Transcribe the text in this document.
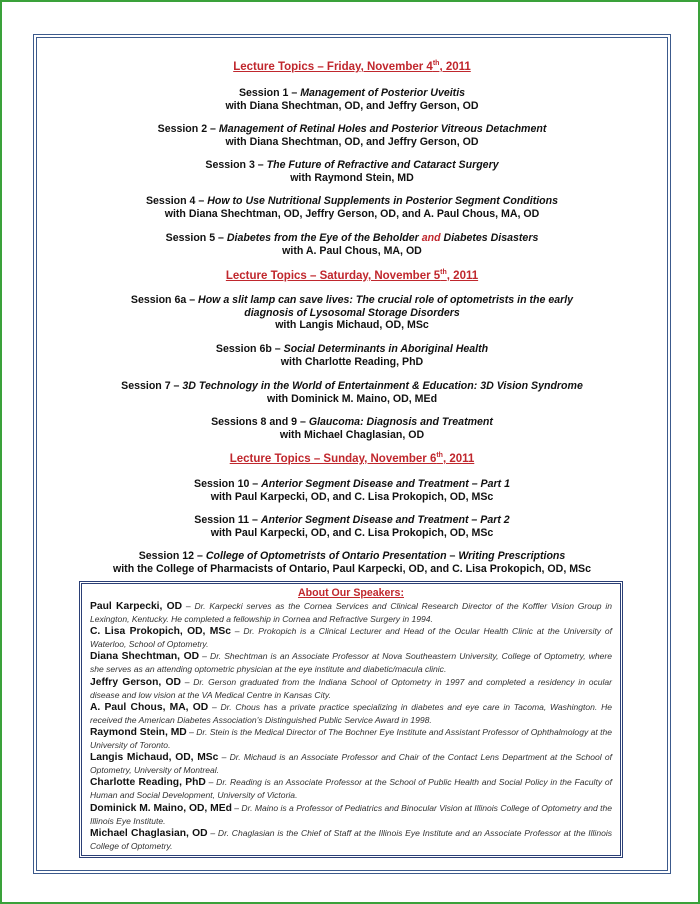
Lecture Topics – Friday, November 4th, 2011
Session 1 – Management of Posterior Uveitis
with Diana Shechtman, OD, and Jeffry Gerson, OD
Session 2 – Management of Retinal Holes and Posterior Vitreous Detachment
with Diana Shechtman, OD, and Jeffry Gerson, OD
Session 3 – The Future of Refractive and Cataract Surgery
with Raymond Stein, MD
Session 4 – How to Use Nutritional Supplements in Posterior Segment Conditions
with Diana Shechtman, OD, Jeffry Gerson, OD, and A. Paul Chous, MA, OD
Session 5 – Diabetes from the Eye of the Beholder and Diabetes Disasters
with A. Paul Chous, MA, OD
Lecture Topics – Saturday, November 5th, 2011
Session 6a – How a slit lamp can save lives: The crucial role of optometrists in the early
diagnosis of Lysosomal Storage Disorders
with Langis Michaud, OD, MSc
Session 6b – Social Determinants in Aboriginal Health
with Charlotte Reading, PhD
Session 7 – 3D Technology in the World of Entertainment & Education: 3D Vision Syndrome
with Dominick M. Maino, OD, MEd
Sessions 8 and 9 – Glaucoma: Diagnosis and Treatment
with Michael Chaglasian, OD
Lecture Topics – Sunday, November 6th, 2011
Session 10 – Anterior Segment Disease and Treatment – Part 1
with Paul Karpecki, OD, and C. Lisa Prokopich, OD, MSc
Session 11 – Anterior Segment Disease and Treatment – Part 2
with Paul Karpecki, OD, and C. Lisa Prokopich, OD, MSc
Session 12 – College of Optometrists of Ontario Presentation – Writing Prescriptions
with the College of Pharmacists of Ontario, Paul Karpecki, OD, and C. Lisa Prokopich, OD, MSc
About Our Speakers:
Paul Karpecki, OD – Dr. Karpecki serves as the Cornea Services and Clinical Research Director of the Koffler Vision Group in Lexington, Kentucky. He completed a fellowship in Cornea and Refractive Surgery in 1994.
C. Lisa Prokopich, OD, MSc – Dr. Prokopich is a Clinical Lecturer and Head of the Ocular Health Clinic at the University of Waterloo, School of Optometry.
Diana Shechtman, OD – Dr. Shechtman is an Associate Professor at Nova Southeastern University, College of Optometry, where she serves as an attending optometric physician at the eye institute and diabetic/macula clinic.
Jeffry Gerson, OD – Dr. Gerson graduated from the Indiana School of Optometry in 1997 and completed a residency in ocular disease and low vision at the VA Medical Centre in Kansas City.
A. Paul Chous, MA, OD – Dr. Chous has a private practice specializing in diabetes and eye care in Tacoma, Washington. He received the American Diabetes Association’s Distinguished Public Service Award in 1998.
Raymond Stein, MD – Dr. Stein is the Medical Director of The Bochner Eye Institute and Assistant Professor of Ophthalmology at the University of Toronto.
Langis Michaud, OD, MSc – Dr. Michaud is an Associate Professor and Chair of the Contact Lens Department at the School of Optometry, University of Montreal.
Charlotte Reading, PhD – Dr. Reading is an Associate Professor at the School of Public Health and Social Policy in the Faculty of Human and Social Development, University of Victoria.
Dominick M. Maino, OD, MEd – Dr. Maino is a Professor of Pediatrics and Binocular Vision at Illinois College of Optometry and the Illinois Eye Institute.
Michael Chaglasian, OD – Dr. Chaglasian is the Chief of Staff at the Illinois Eye Institute and an Associate Professor at the Illinois College of Optometry.
